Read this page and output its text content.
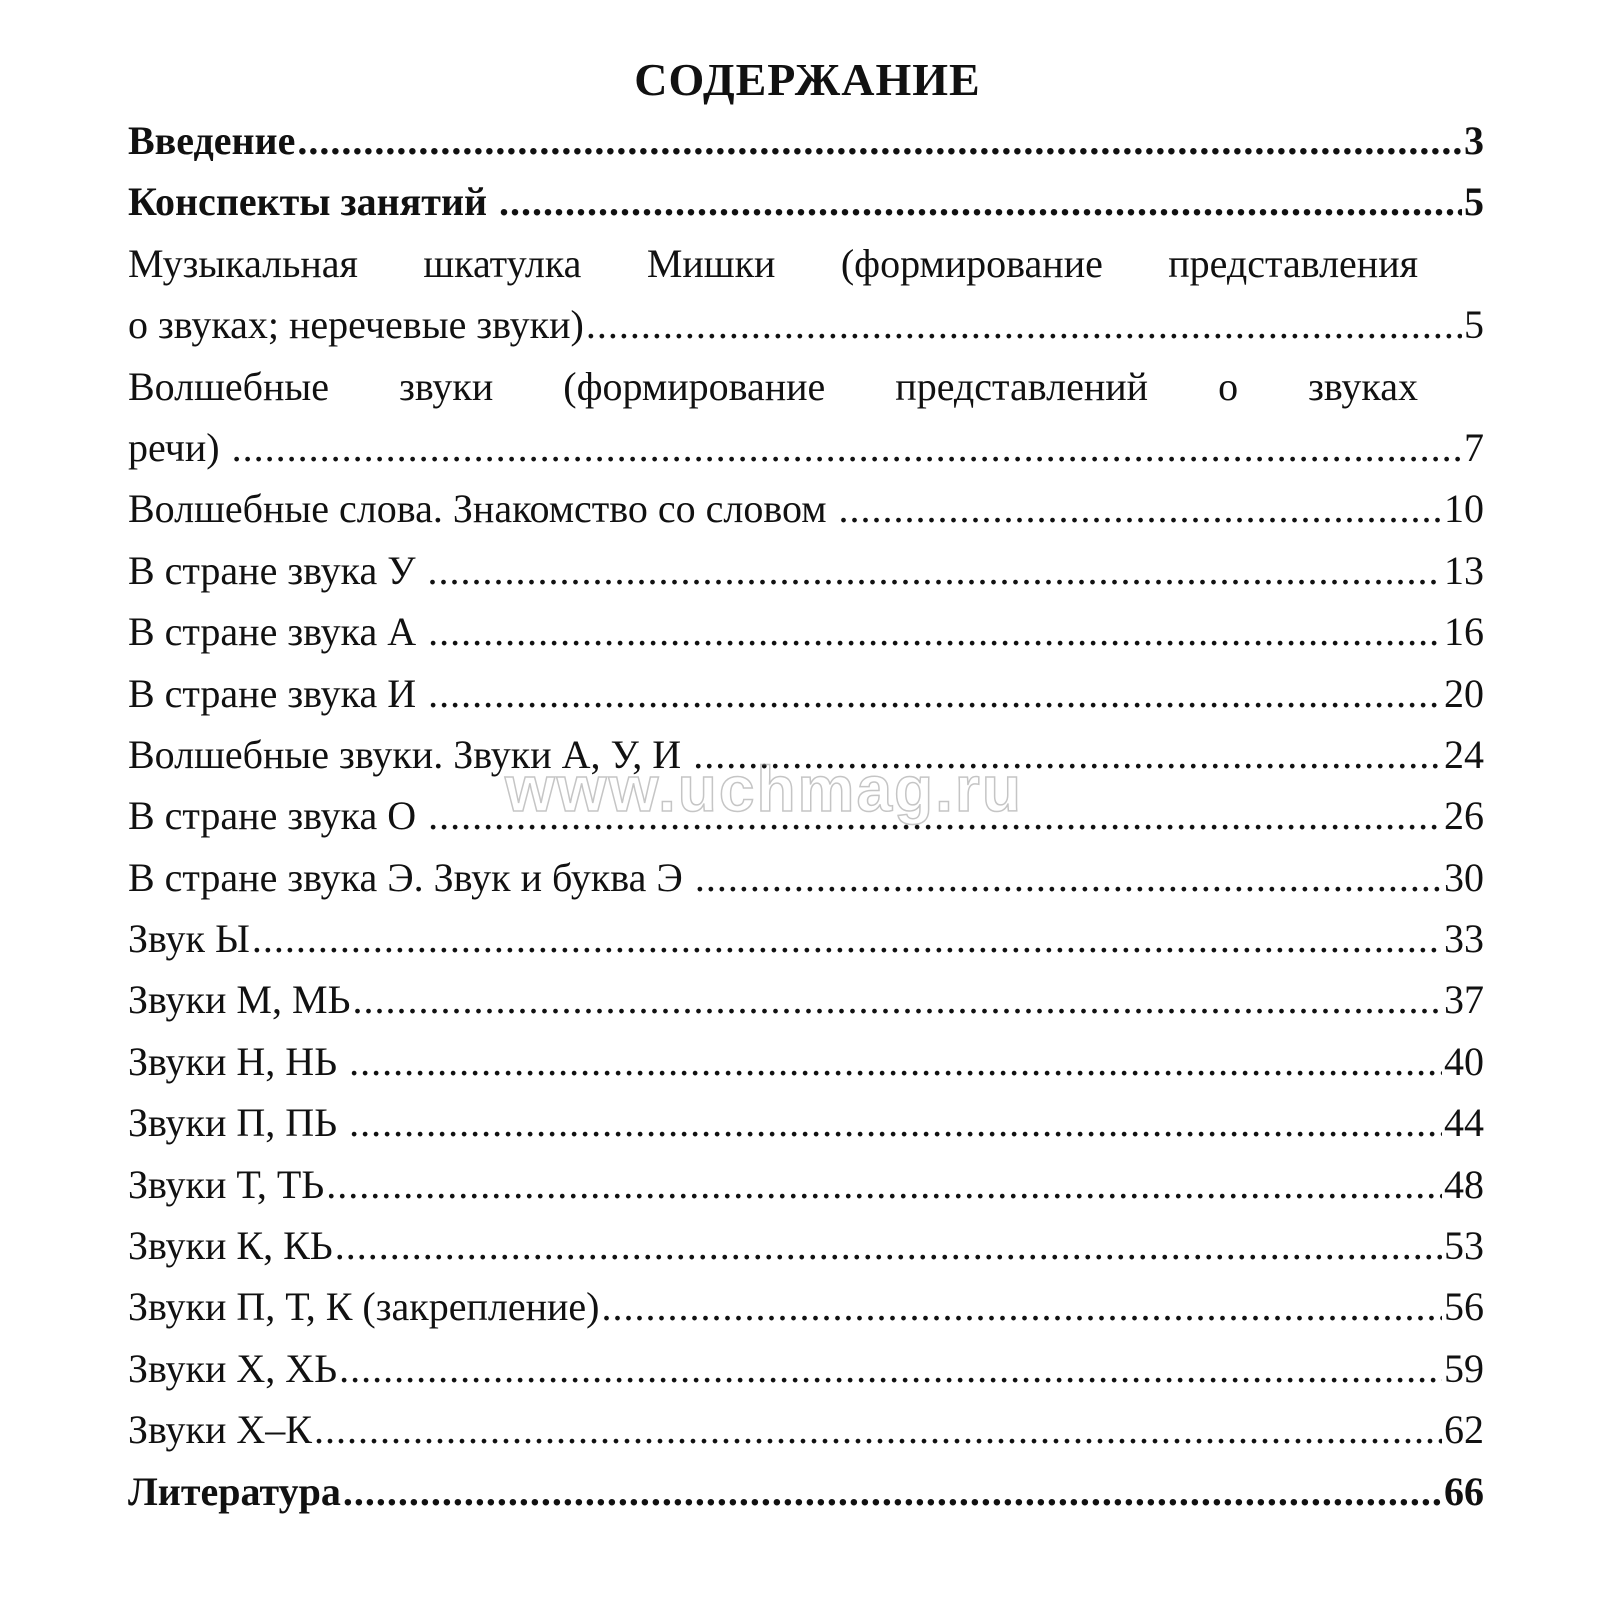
СОДЕРЖАНИЕ
Введение .....	3
Конспекты занятий .....	5
Музыкальная шкатулка Мишки (формирование представления
о звуках; неречевые звуки) .....	5
Волшебные звуки (формирование представлений о звуках
речи) .....	7
Волшебные слова. Знакомство со словом .....	10
В стране звука У .....	13
В стране звука А .....	16
В стране звука И .....	20
Волшебные звуки. Звуки А, У, И .....	24
В стране звука О .....	26
В стране звука Э. Звук и буква Э .....	30
Звук Ы .....	33
Звуки М, МЬ .....	37
Звуки Н, НЬ .....	40
Звуки П, ПЬ .....	44
Звуки Т, ТЬ .....	48
Звуки К, КЬ .....	53
Звуки П, Т, К (закрепление) .....	56
Звуки Х, ХЬ .....	59
Звуки Х–К .....	62
Литература .....	66
www.uchmag.ru
